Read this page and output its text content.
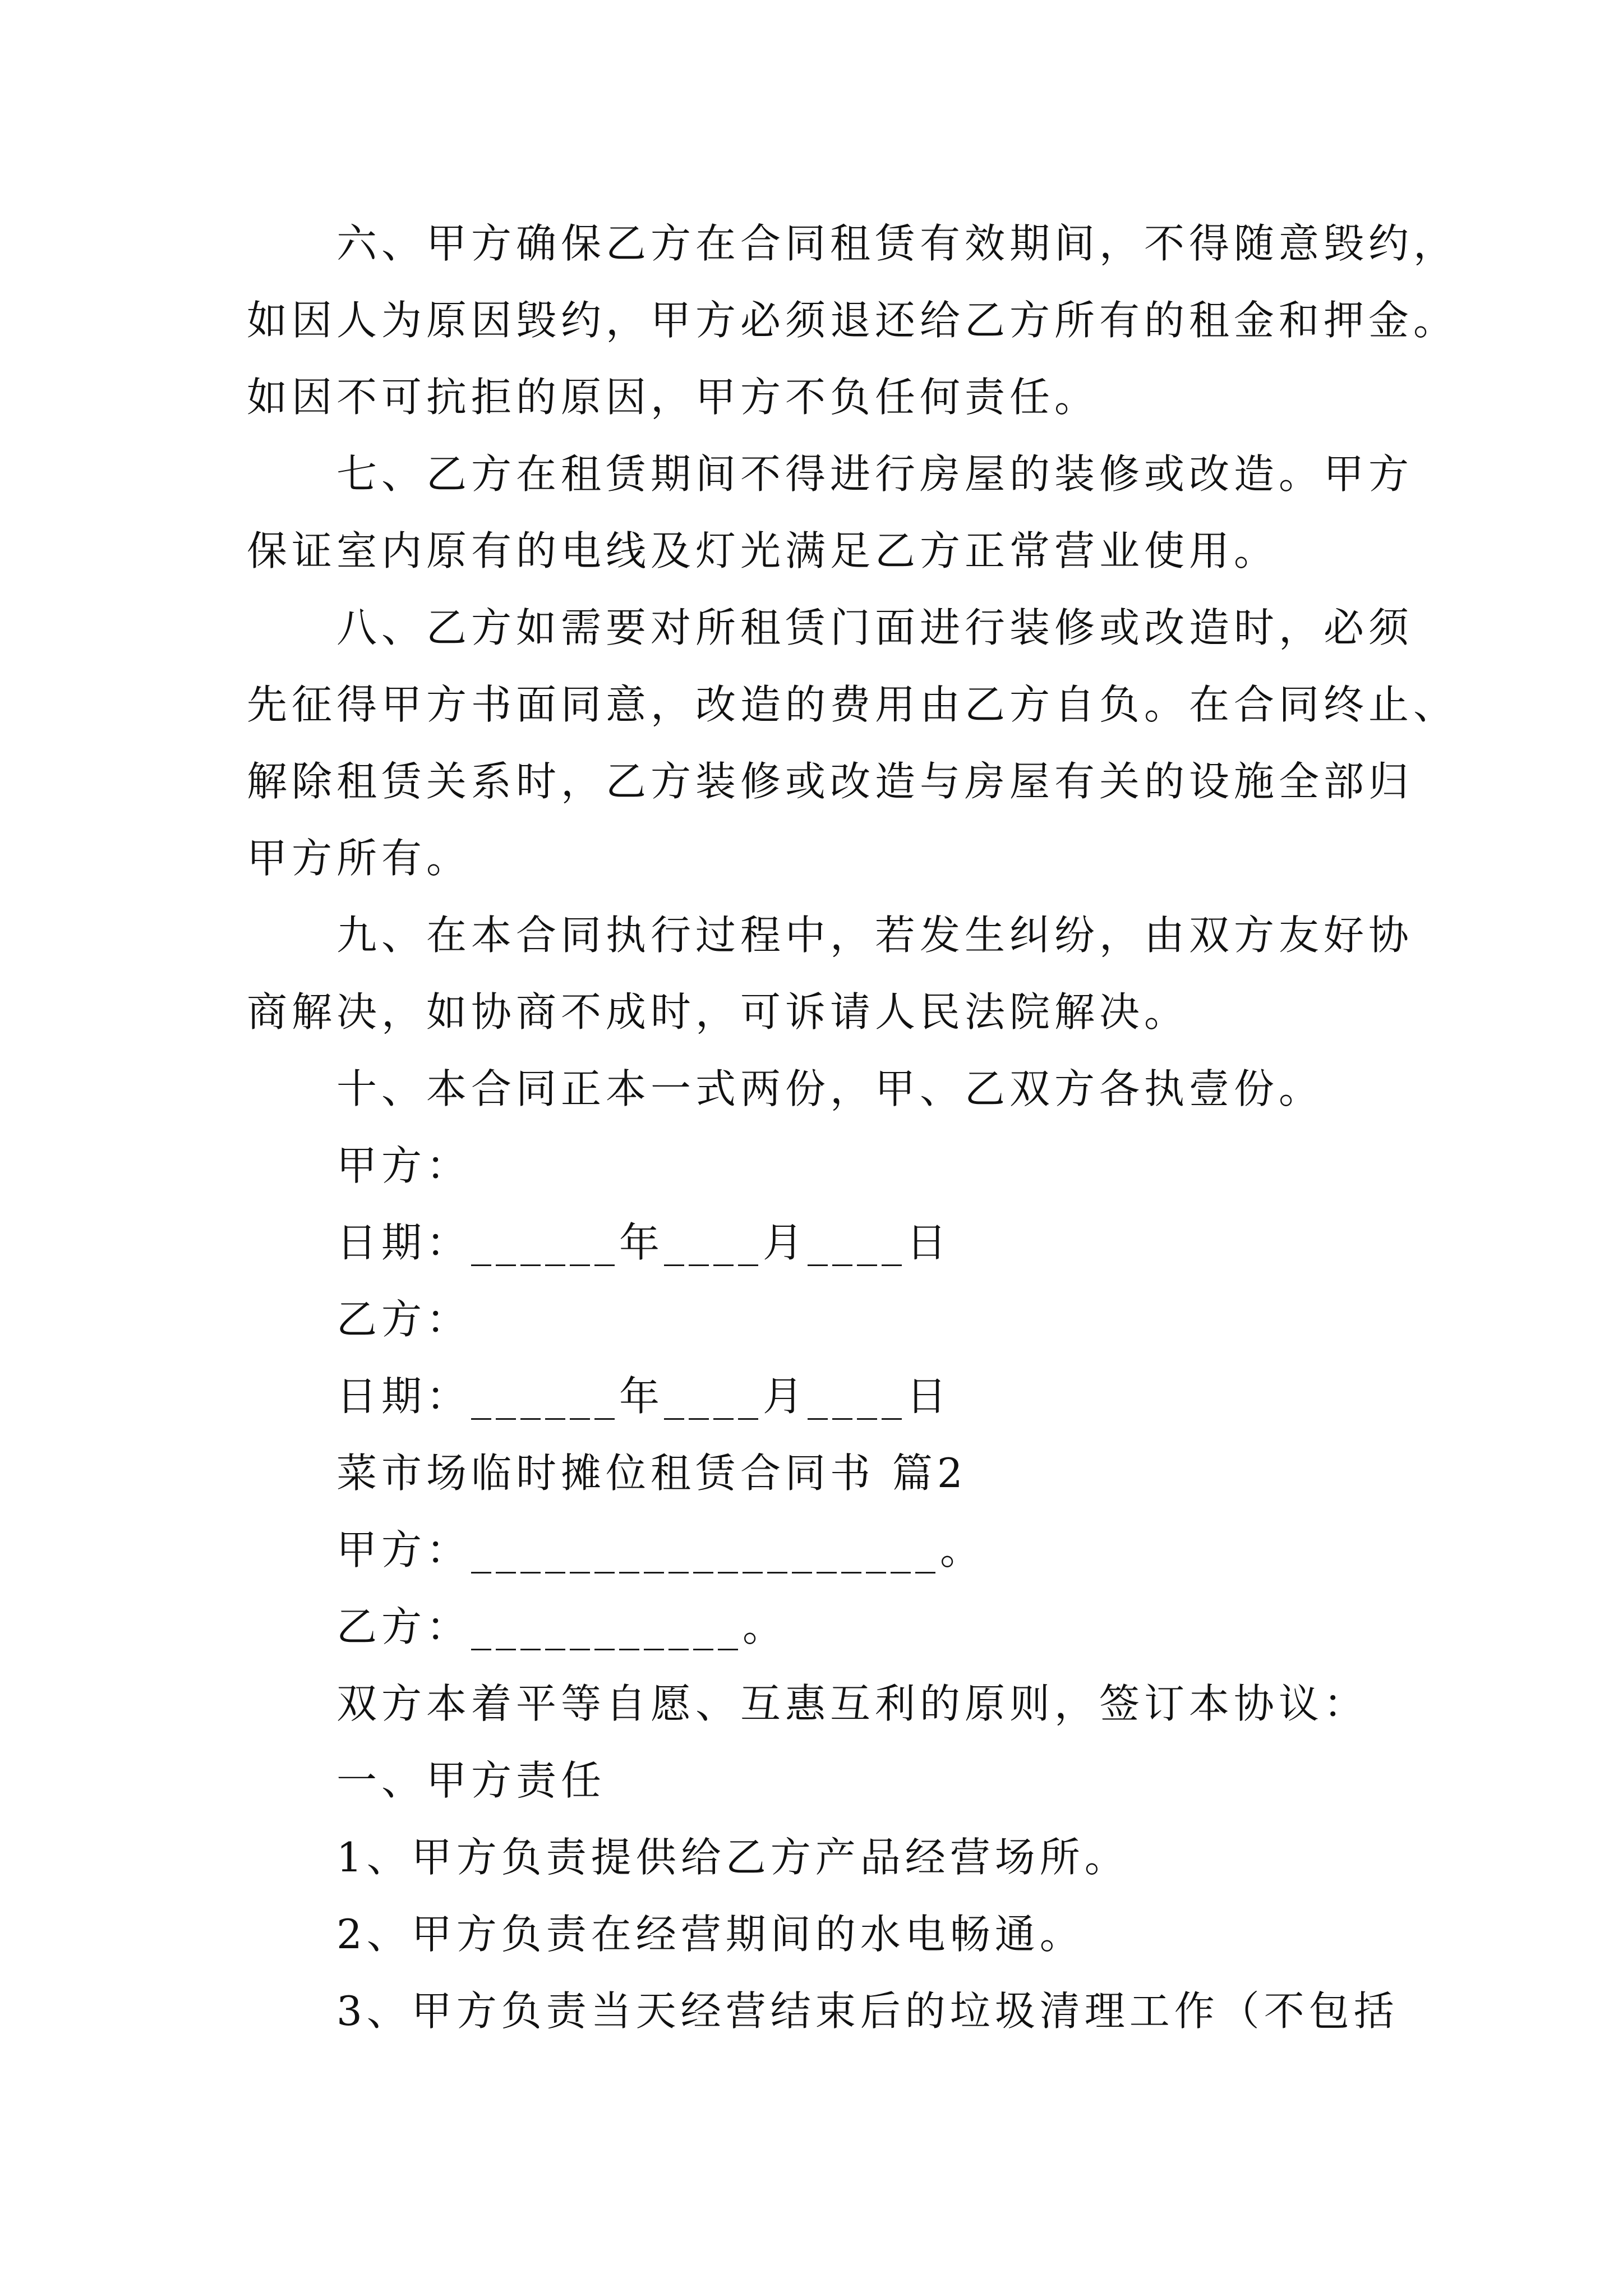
六、甲方确保乙方在合同租赁有效期间，不得随意毁约，
如因人为原因毁约，甲方必须退还给乙方所有的租金和押金。
如因不可抗拒的原因，甲方不负任何责任。
七、乙方在租赁期间不得进行房屋的装修或改造。甲方
保证室内原有的电线及灯光满足乙方正常营业使用。
八、乙方如需要对所租赁门面进行装修或改造时，必须
先征得甲方书面同意，改造的费用由乙方自负。在合同终止、
解除租赁关系时，乙方装修或改造与房屋有关的设施全部归
甲方所有。
九、在本合同执行过程中，若发生纠纷，由双方友好协
商解决，如协商不成时，可诉请人民法院解决。
十、本合同正本一式两份，甲、乙双方各执壹份。
甲方：
日期：______年____月____日
乙方：
日期：______年____月____日
菜市场临时摊位租赁合同书 篇2
甲方：___________________。
乙方：___________。
双方本着平等自愿、互惠互利的原则，签订本协议：
一、甲方责任
1、甲方负责提供给乙方产品经营场所。
2、甲方负责在经营期间的水电畅通。
3、甲方负责当天经营结束后的垃圾清理工作（不包括
